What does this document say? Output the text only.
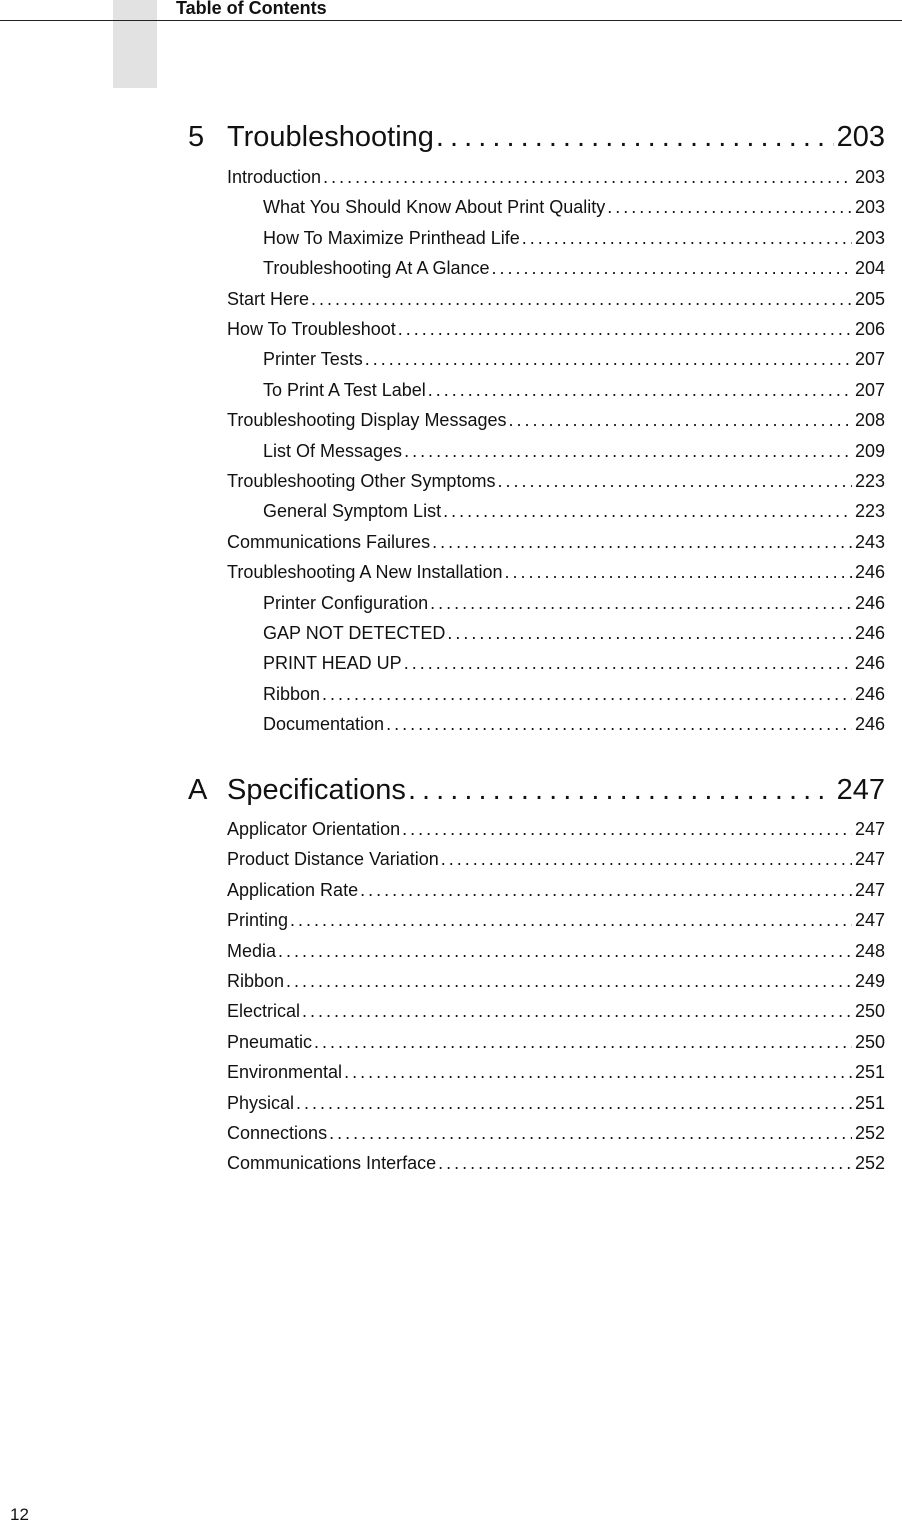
Table of Contents
5 Troubleshooting . . .	203
Introduction . . .	203
What You Should Know About Print Quality . . .	203
How To Maximize Printhead Life . . .	203
Troubleshooting At A Glance . . .	204
Start Here . . .	205
How To Troubleshoot . . .	206
Printer Tests . . .	207
To Print A Test Label . . .	207
Troubleshooting Display Messages . . .	208
List Of Messages . . .	209
Troubleshooting Other Symptoms . . .	223
General Symptom List . . .	223
Communications Failures . . .	243
Troubleshooting A New Installation . . .	246
Printer Configuration . . .	246
GAP NOT DETECTED . . .	246
PRINT HEAD UP . . .	246
Ribbon . . .	246
Documentation . . .	246
A Specifications . . .	247
Applicator Orientation . . .	247
Product Distance Variation . . .	247
Application Rate . . .	247
Printing . . .	247
Media . . .	248
Ribbon . . .	249
Electrical . . .	250
Pneumatic . . .	250
Environmental . . .	251
Physical . . .	251
Connections . . .	252
Communications Interface . . .	252
12
